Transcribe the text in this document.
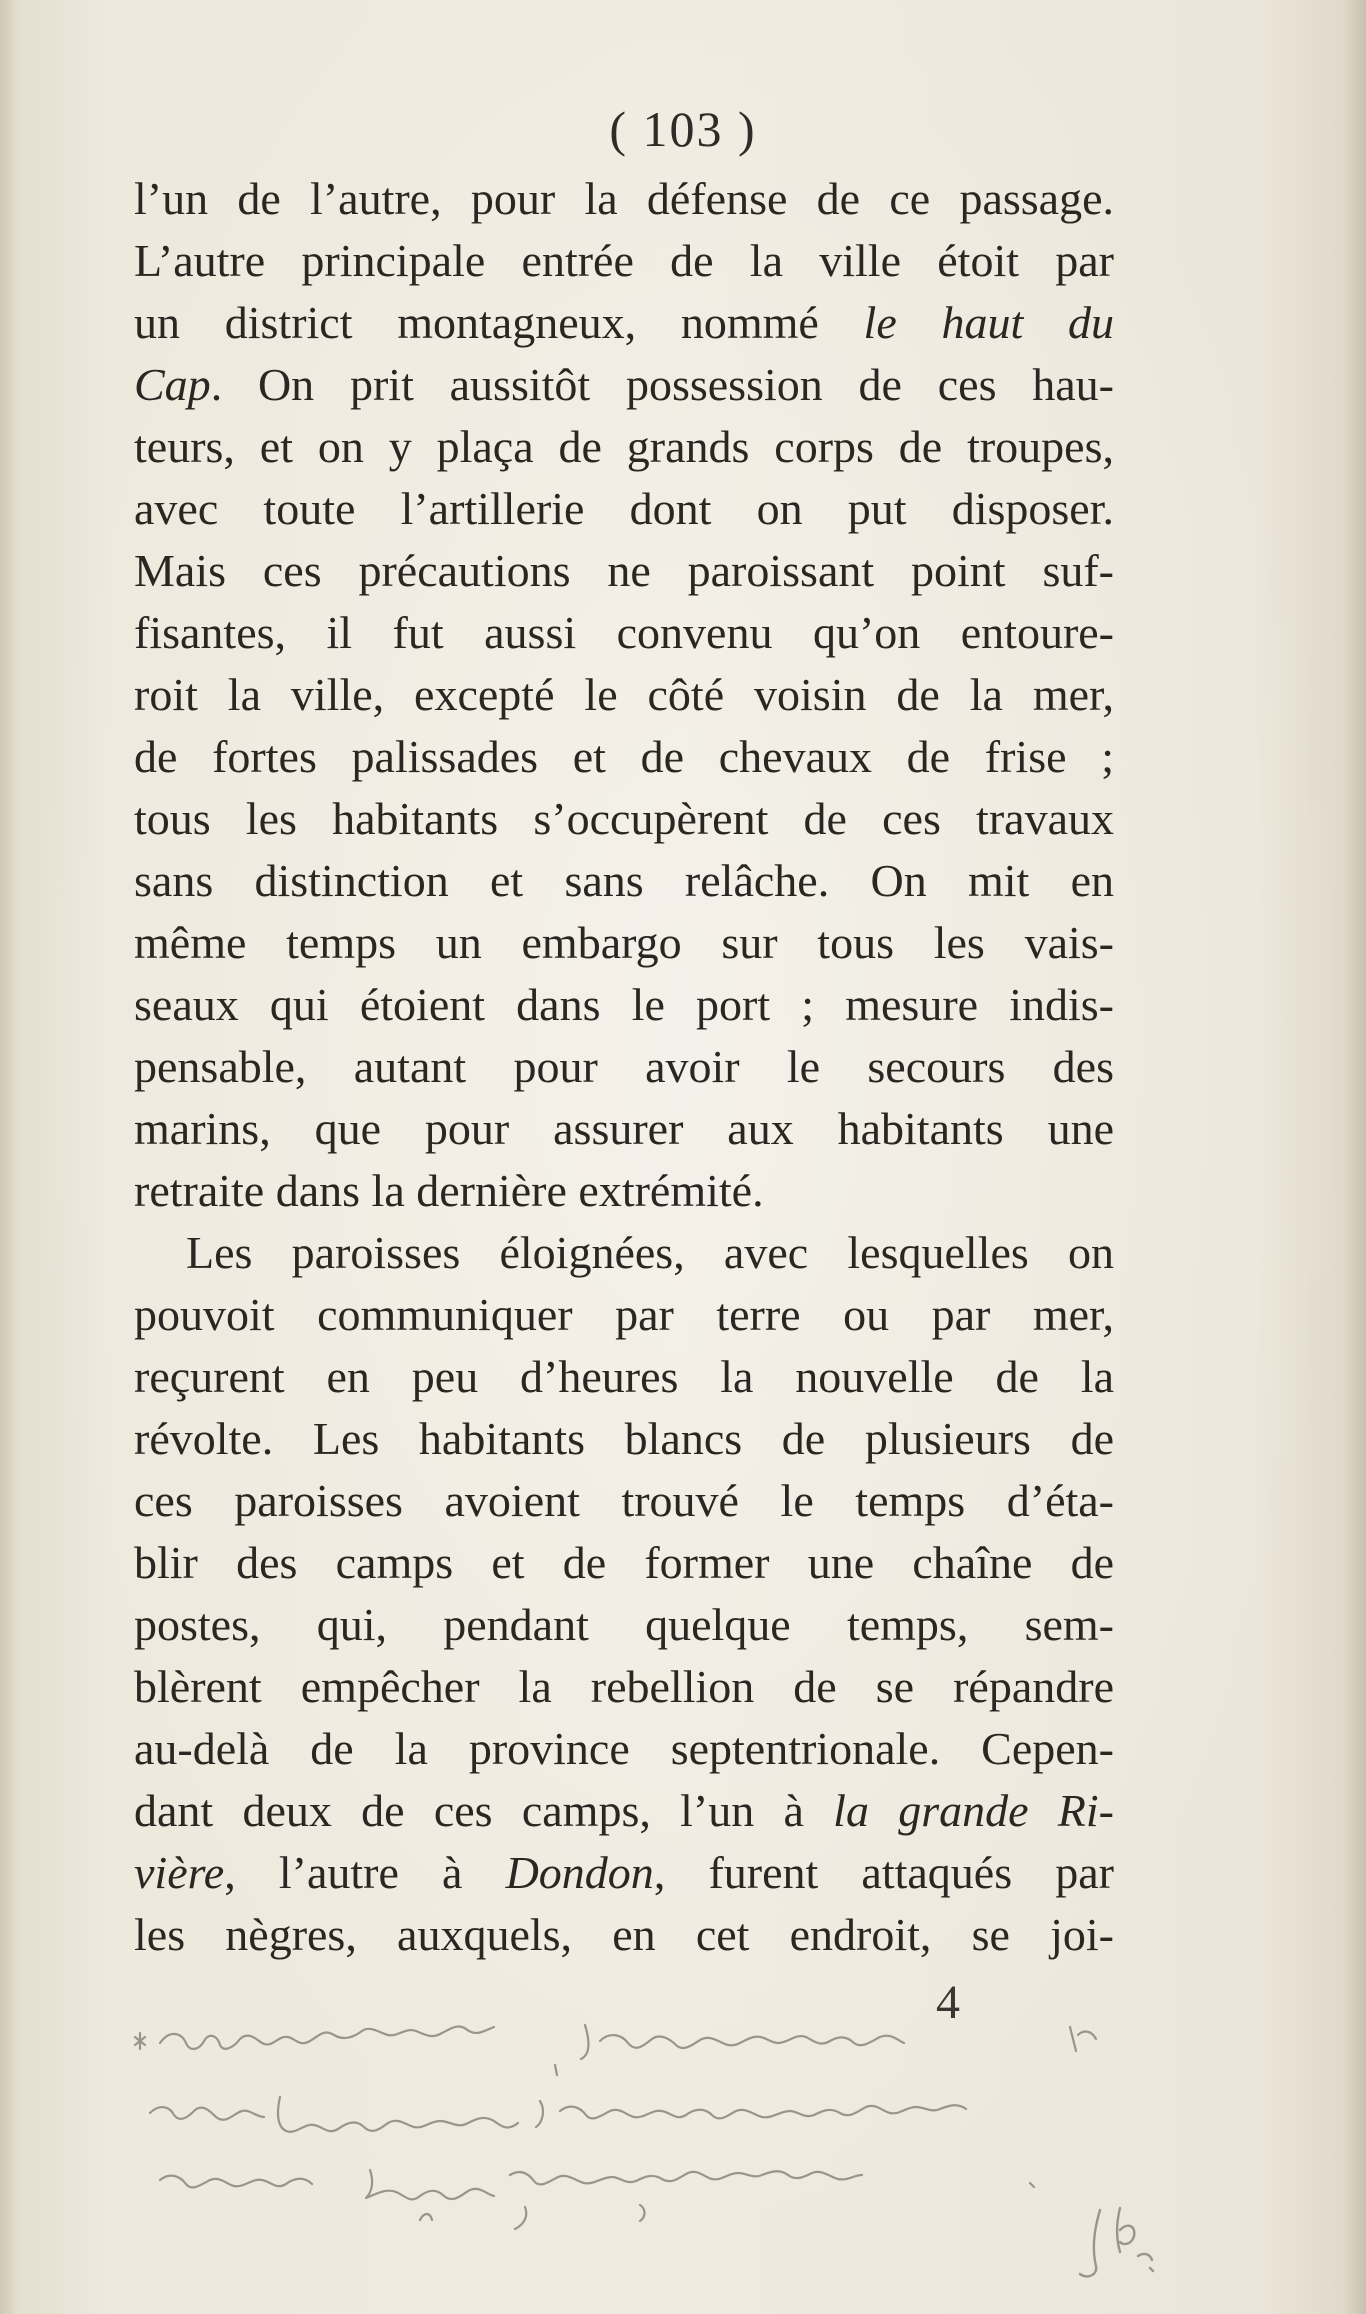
( 103 )
l’un de l’autre, pour la défense de ce passage.
L’autre principale entrée de la ville étoit par
un district montagneux, nommé le haut du
Cap. On prit aussitôt possession de ces hau-
teurs, et on y plaça de grands corps de troupes,
avec toute l’artillerie dont on put disposer.
Mais ces précautions ne paroissant point suf-
fisantes, il fut aussi convenu qu’on entoure-
roit la ville, excepté le côté voisin de la mer,
de fortes palissades et de chevaux de frise ;
tous les habitants s’occupèrent de ces travaux
sans distinction et sans relâche. On mit en
même temps un embargo sur tous les vais-
seaux qui étoient dans le port ; mesure indis-
pensable, autant pour avoir le secours des
marins, que pour assurer aux habitants une
retraite dans la dernière extrémité.
Les paroisses éloignées, avec lesquelles on
pouvoit communiquer par terre ou par mer,
reçurent en peu d’heures la nouvelle de la
révolte. Les habitants blancs de plusieurs de
ces paroisses avoient trouvé le temps d’éta-
blir des camps et de former une chaîne de
postes, qui, pendant quelque temps, sem-
blèrent empêcher la rebellion de se répandre
au-delà de la province septentrionale. Cepen-
dant deux de ces camps, l’un à la grande Ri-
vière, l’autre à Dondon, furent attaqués par
les nègres, auxquels, en cet endroit, se joi-
4
